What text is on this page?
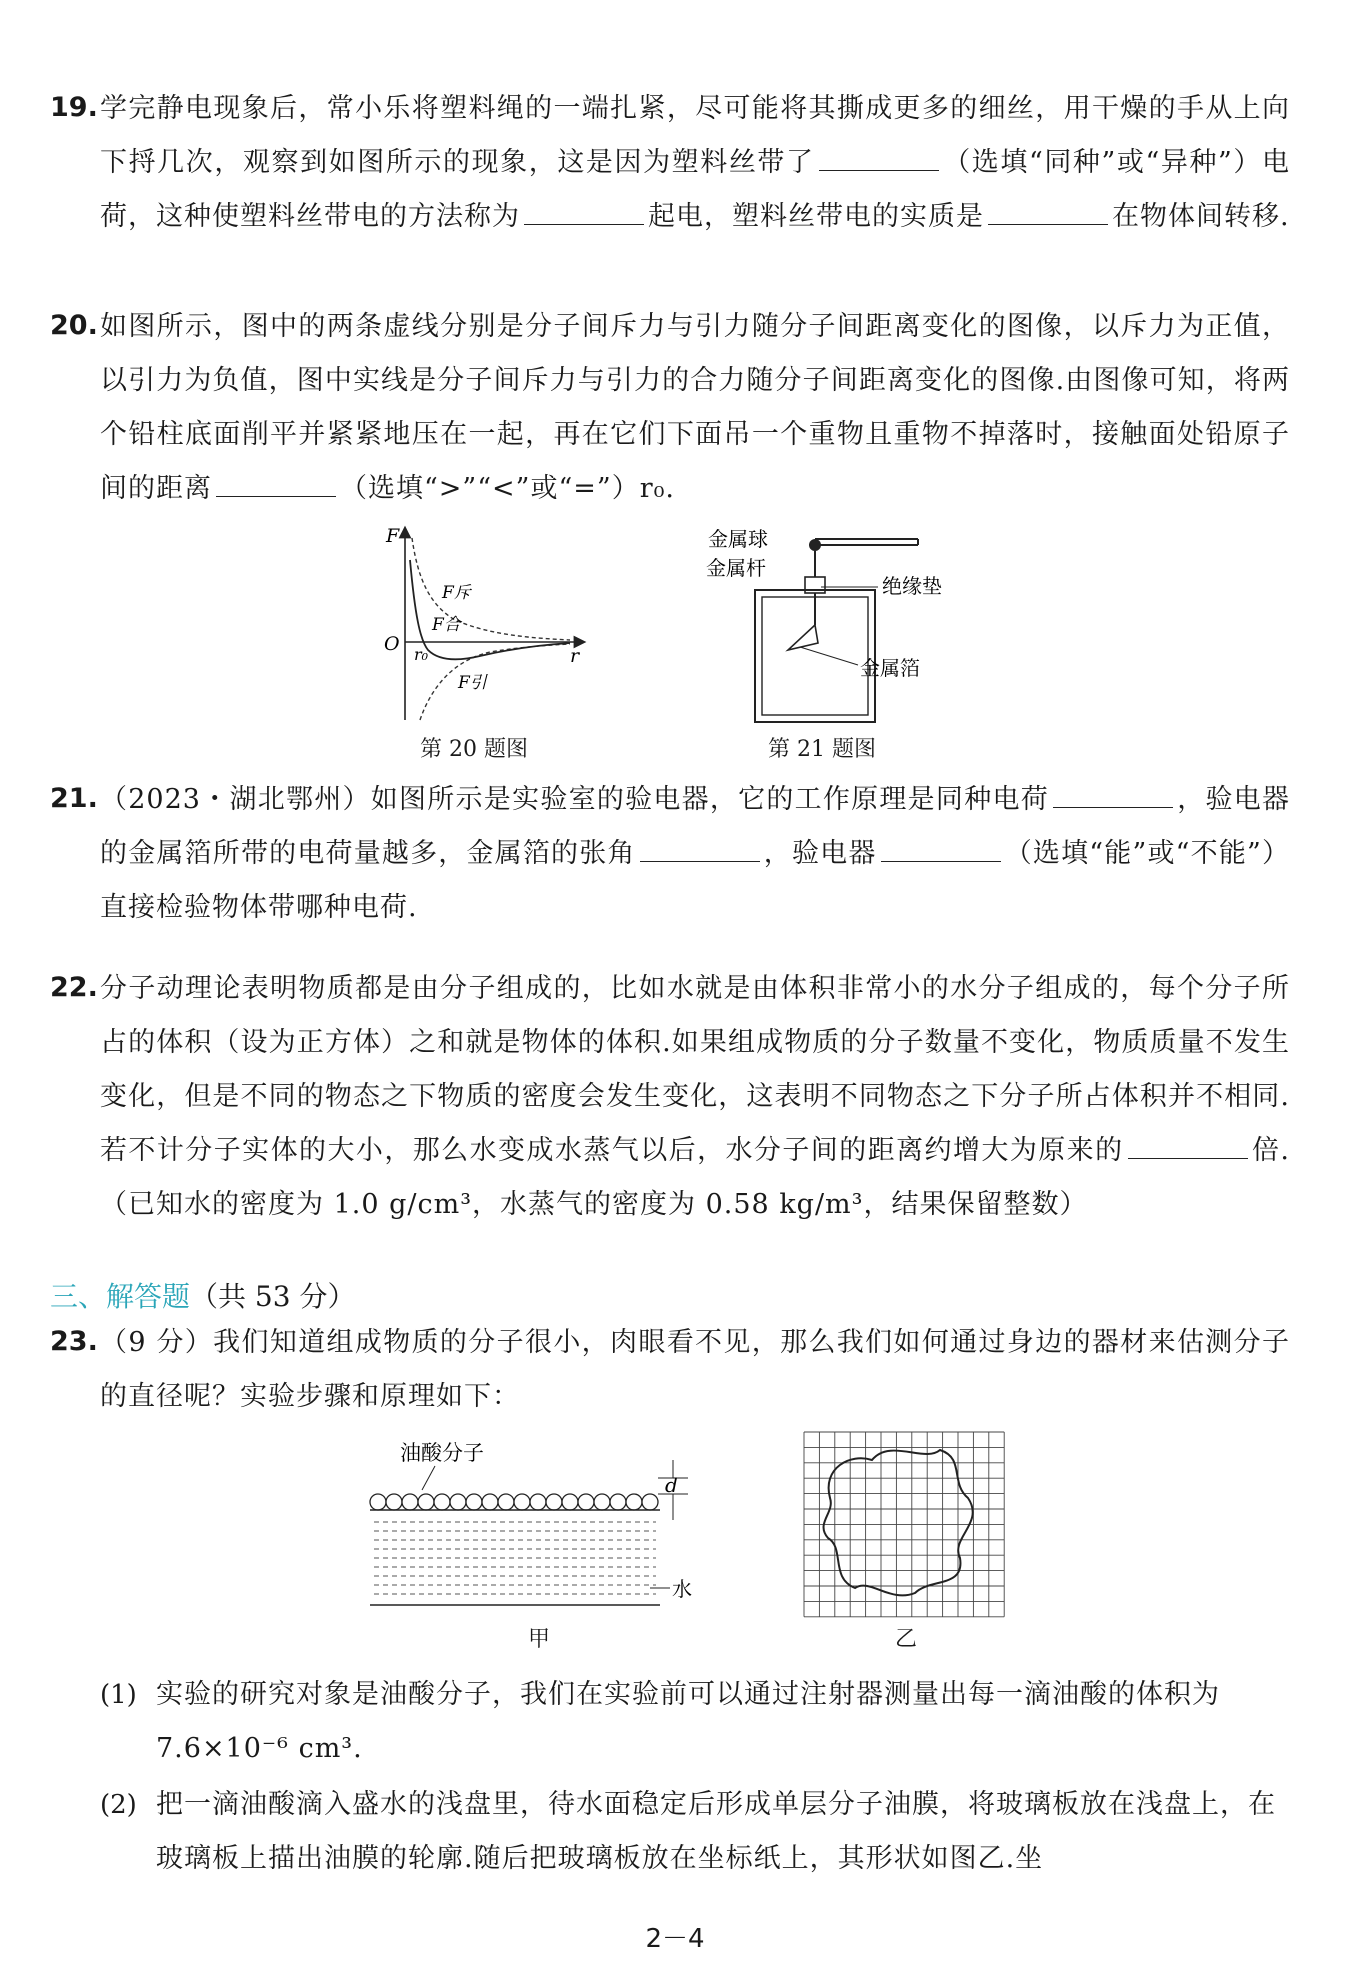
19. 学完静电现象后，常小乐将塑料绳的一端扎紧，尽可能将其撕成更多的细丝，用干燥的手从上向下捋几次，观察到如图所示的现象，这是因为塑料丝带了	（选填“同种”或“异种”）电荷，这种使塑料丝带电的方法称为	起电，塑料丝带电的实质是	在物体间转移.
20. 如图所示，图中的两条虚线分别是分子间斥力与引力随分子间距离变化的图像，以斥力为正值，以引力为负值，图中实线是分子间斥力与引力的合力随分子间距离变化的图像.由图像可知，将两个铅柱底面削平并紧紧地压在一起，再在它们下面吊一个重物且重物不掉落时，接触面处铅原子间的距离	（选填“>”“<”或“=”）r₀.
F
O
r
r₀
F斥
F合
F引
第 20 题图
金属球
金属杆
绝缘垫
金属箔
第 21 题图
21. （2023・湖北鄂州）如图所示是实验室的验电器，它的工作原理是同种电荷	，验电器的金属箔所带的电荷量越多，金属箔的张角	，验电器	（选填“能”或“不能”）直接检验物体带哪种电荷.
22. 分子动理论表明物质都是由分子组成的，比如水就是由体积非常小的水分子组成的，每个分子所占的体积（设为正方体）之和就是物体的体积.如果组成物质的分子数量不变化，物质质量不发生变化，但是不同的物态之下物质的密度会发生变化，这表明不同物态之下分子所占体积并不相同.若不计分子实体的大小，那么水变成水蒸气以后，水分子间的距离约增大为原来的	倍.（已知水的密度为 1.0 g/cm³，水蒸气的密度为 0.58 kg/m³，结果保留整数）
三、解答题（共 53 分）
23. （9 分）我们知道组成物质的分子很小，肉眼看不见，那么我们如何通过身边的器材来估测分子的直径呢？实验步骤和原理如下：
油酸分子
d
水
甲	乙
(1) 实验的研究对象是油酸分子，我们在实验前可以通过注射器测量出每一滴油酸的体积为 7.6×10⁻⁶ cm³.
(2) 把一滴油酸滴入盛水的浅盘里，待水面稳定后形成单层分子油膜，将玻璃板放在浅盘上，在玻璃板上描出油膜的轮廓.随后把玻璃板放在坐标纸上，其形状如图乙.坐
2－4
